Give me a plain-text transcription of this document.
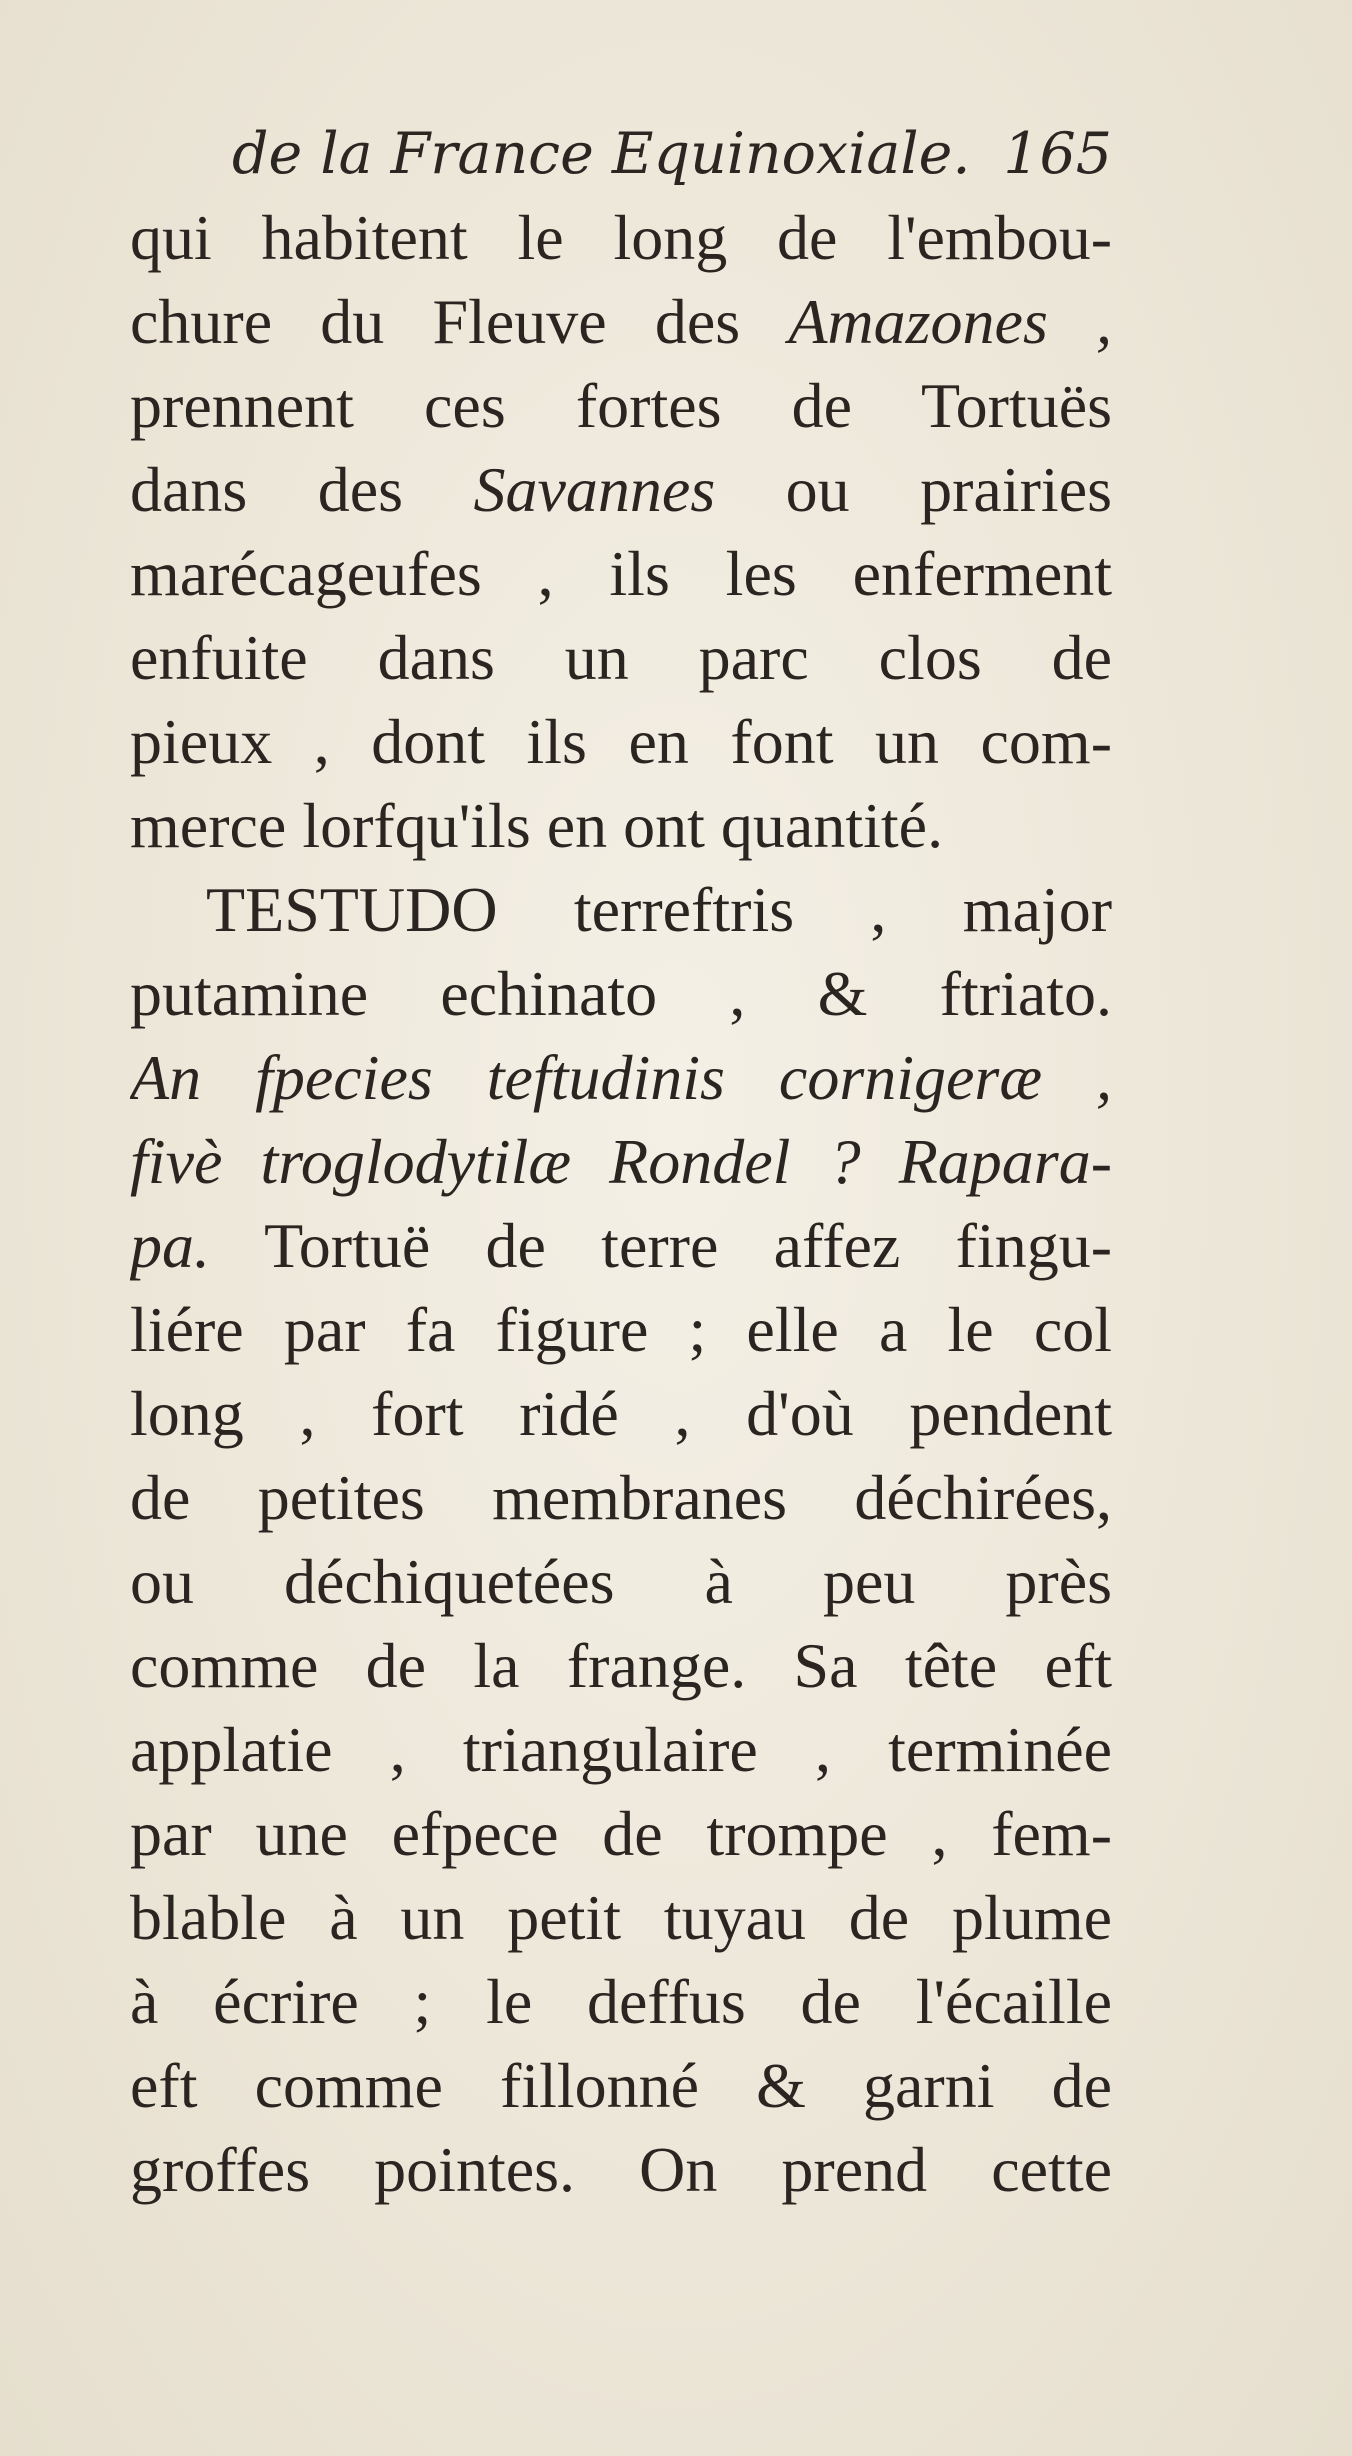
de la France Equinoxiale. 165
qui habitent le long de l'embou-
chure du Fleuve des Amazones ,
prennent ces fortes de Tortuës
dans des Savannes ou prairies
marécageufes , ils les enferment
enfuite dans un parc clos de
pieux , dont ils en font un com-
merce lorfqu'ils en ont quantité.
TESTUDO terreftris , major
putamine echinato , & ftriato.
An fpecies teftudinis cornigeræ ,
fivè troglodytilæ Rondel ? Rapara-
pa. Tortuë de terre affez fingu-
liére par fa figure ; elle a le col
long , fort ridé , d'où pendent
de petites membranes déchirées,
ou déchiquetées à peu près
comme de la frange. Sa tête eft
applatie , triangulaire , terminée
par une efpece de trompe , fem-
blable à un petit tuyau de plume
à écrire ; le deffus de l'écaille
eft comme fillonné & garni de
groffes pointes. On prend cette
